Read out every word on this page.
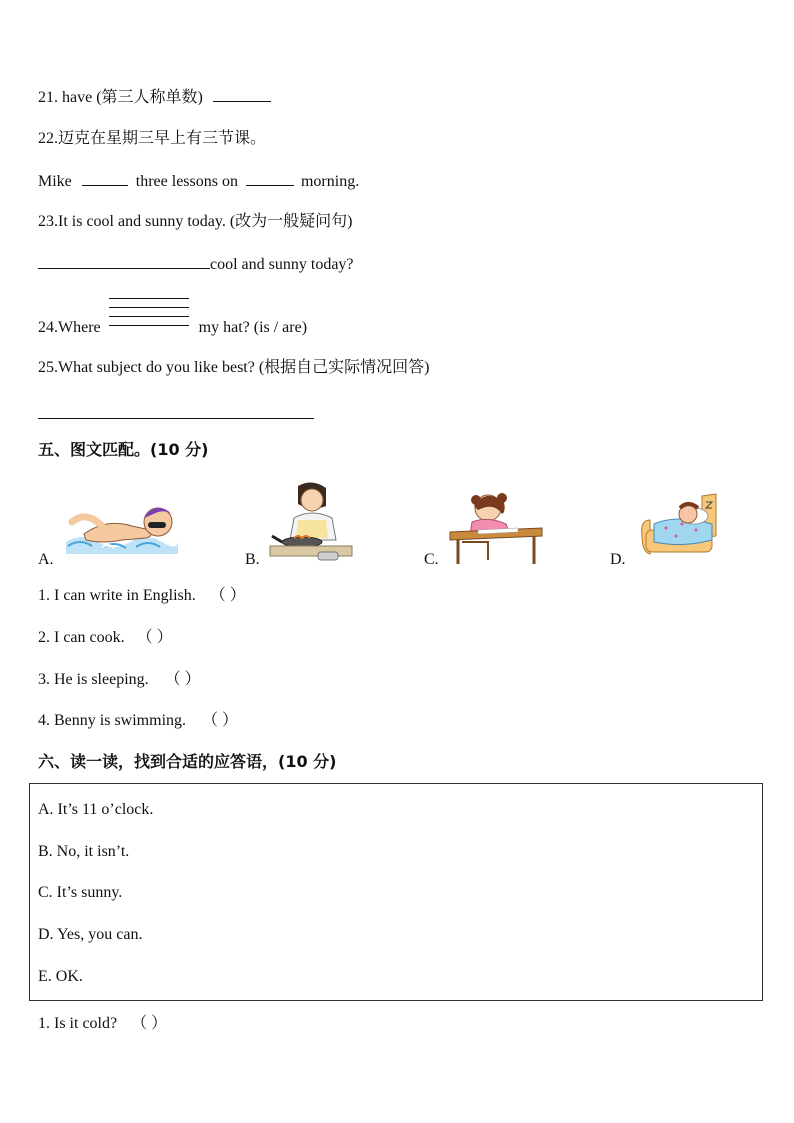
21. have (第三人称单数)
22.迈克在星期三早上有三节课。
Mike	three lessons on	morning.
23.It is cool and sunny today. (改为一般疑问句)
cool and sunny today?
24.Where	my hat? (is / are)
25.What subject do you like best? (根据自己实际情况回答)
五、图文匹配。(10 分)
A.	B.	C.	D.
1. I can write in English. （ ）
2. I can cook. （ ）
3. He is sleeping. （ ）
4. Benny is swimming. （ ）
六、读一读，找到合适的应答语，(10 分)
A. It’s 11 o’clock.
B. No, it isn’t.
C. It’s sunny.
D. Yes, you can.
E. OK.
1. Is it cold? （ ）
